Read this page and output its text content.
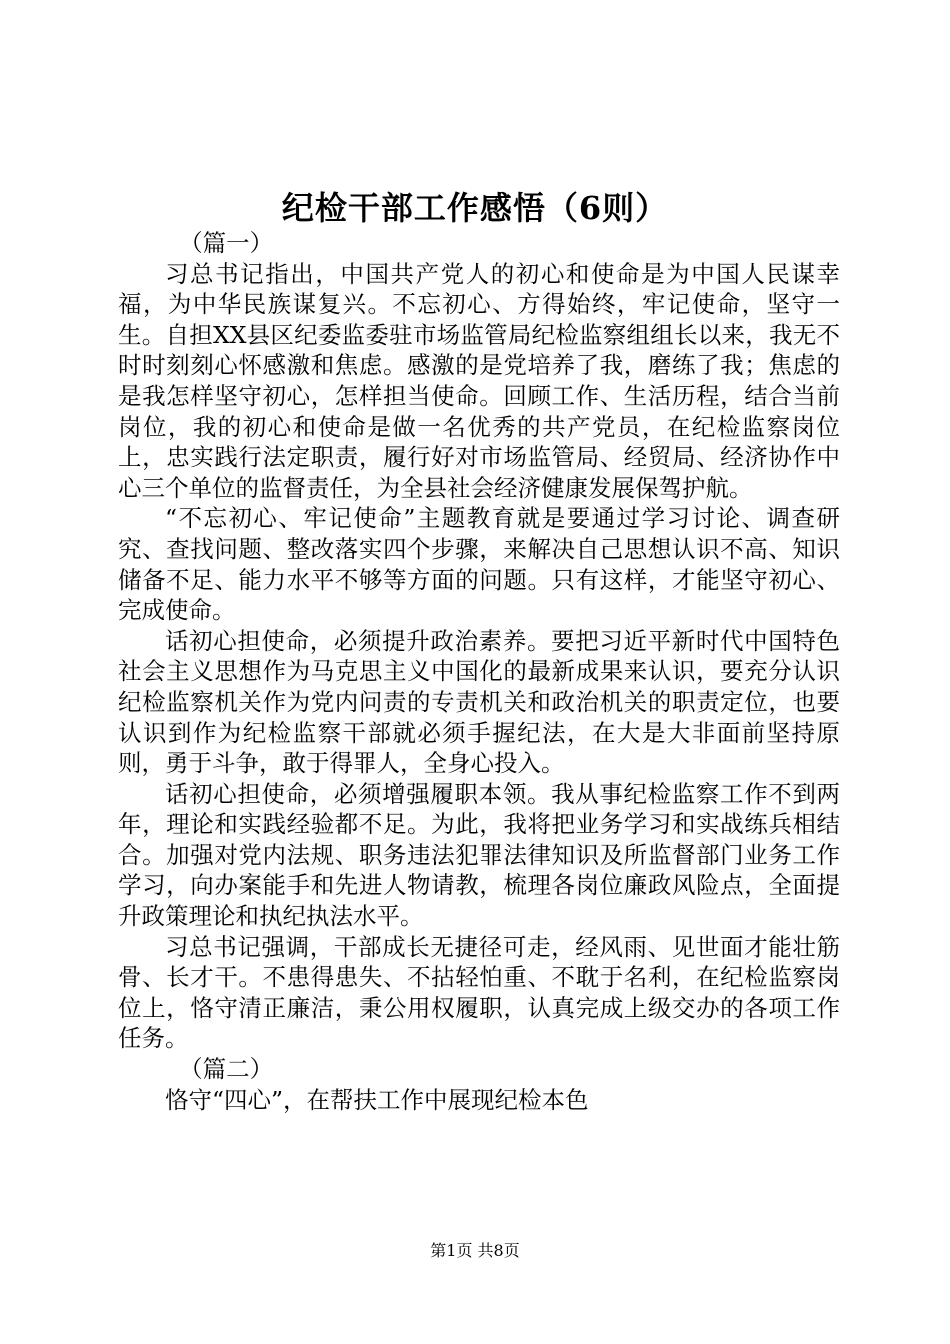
纪检干部工作感悟（6则）

（篇一）

习总书记指出，中国共产党人的初心和使命是为中国人民谋幸福，为中华民族谋复兴。不忘初心、方得始终，牢记使命，坚守一生。自担XX县区纪委监委驻市场监管局纪检监察组组长以来，我无不时时刻刻心怀感激和焦虑。感激的是党培养了我，磨练了我；焦虑的是我怎样坚守初心，怎样担当使命。回顾工作、生活历程，结合当前岗位，我的初心和使命是做一名优秀的共产党员，在纪检监察岗位上，忠实践行法定职责，履行好对市场监管局、经贸局、经济协作中心三个单位的监督责任，为全县社会经济健康发展保驾护航。

“不忘初心、牢记使命”主题教育就是要通过学习讨论、调查研究、查找问题、整改落实四个步骤，来解决自己思想认识不高、知识储备不足、能力水平不够等方面的问题。只有这样，才能坚守初心、完成使命。

话初心担使命，必须提升政治素养。要把习近平新时代中国特色社会主义思想作为马克思主义中国化的最新成果来认识，要充分认识纪检监察机关作为党内问责的专责机关和政治机关的职责定位，也要认识到作为纪检监察干部就必须手握纪法，在大是大非面前坚持原则，勇于斗争，敢于得罪人，全身心投入。

话初心担使命，必须增强履职本领。我从事纪检监察工作不到两年，理论和实践经验都不足。为此，我将把业务学习和实战练兵相结合。加强对党内法规、职务违法犯罪法律知识及所监督部门业务工作学习，向办案能手和先进人物请教，梳理各岗位廉政风险点，全面提升政策理论和执纪执法水平。

习总书记强调，干部成长无捷径可走，经风雨、见世面才能壮筋骨、长才干。不患得患失、不拈轻怕重、不耽于名利，在纪检监察岗位上，恪守清正廉洁，秉公用权履职，认真完成上级交办的各项工作任务。

（篇二）

恪守“四心”，在帮扶工作中展现纪检本色

第1页 共8页
